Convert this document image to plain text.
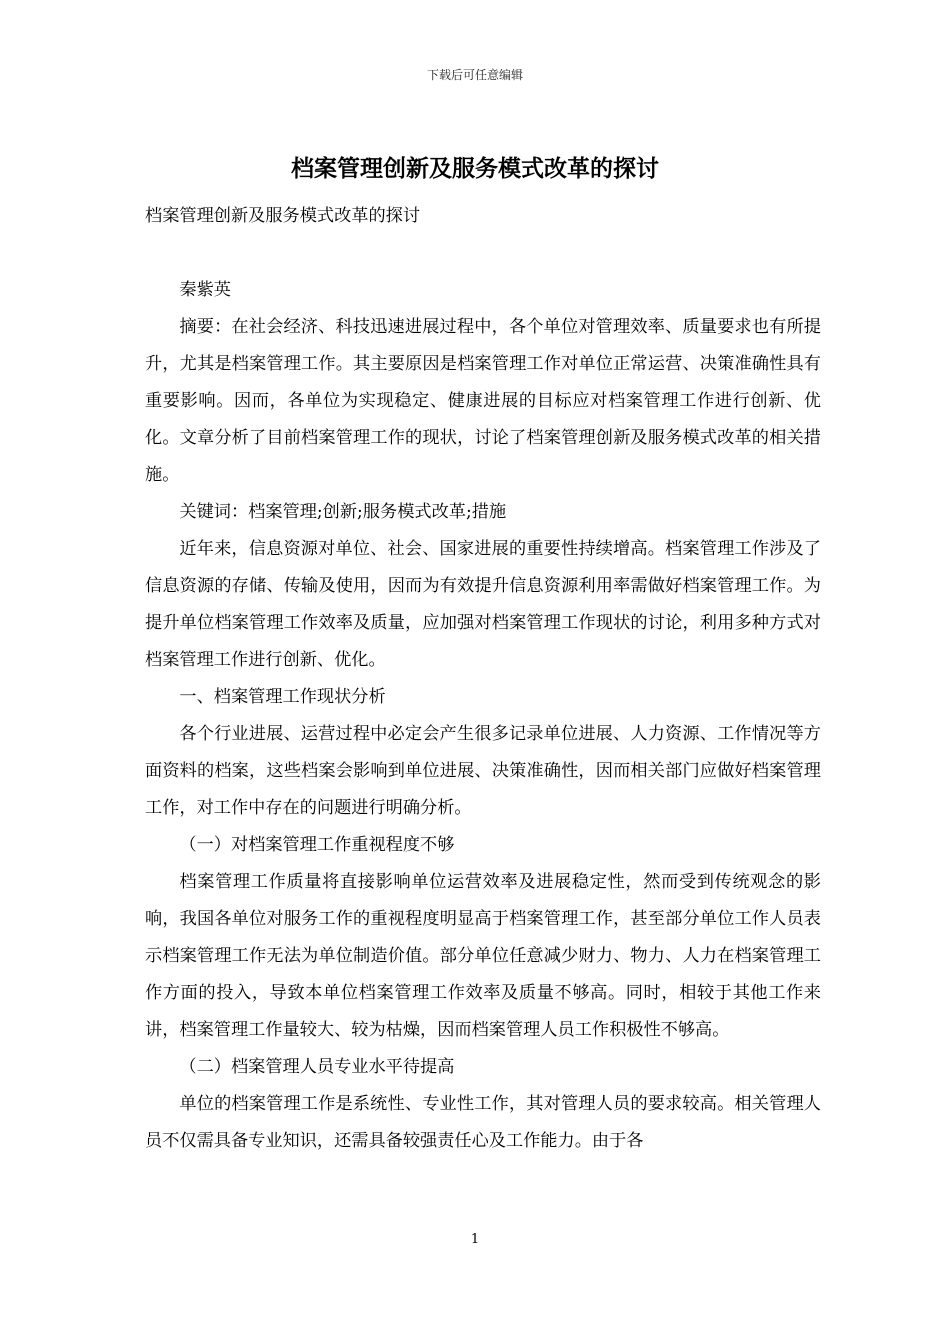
下载后可任意编辑
档案管理创新及服务模式改革的探讨

档案管理创新及服务模式改革的探讨

秦紫英

摘要：在社会经济、科技迅速进展过程中，各个单位对管理效率、质量要求也有所提升，尤其是档案管理工作。其主要原因是档案管理工作对单位正常运营、决策准确性具有重要影响。因而，各单位为实现稳定、健康进展的目标应对档案管理工作进行创新、优化。文章分析了目前档案管理工作的现状，讨论了档案管理创新及服务模式改革的相关措施。

关键词：档案管理;创新;服务模式改革;措施

近年来，信息资源对单位、社会、国家进展的重要性持续增高。档案管理工作涉及了信息资源的存储、传输及使用，因而为有效提升信息资源利用率需做好档案管理工作。为提升单位档案管理工作效率及质量，应加强对档案管理工作现状的讨论，利用多种方式对档案管理工作进行创新、优化。

一、档案管理工作现状分析

各个行业进展、运营过程中必定会产生很多记录单位进展、人力资源、工作情况等方面资料的档案，这些档案会影响到单位进展、决策准确性，因而相关部门应做好档案管理工作，对工作中存在的问题进行明确分析。

（一）对档案管理工作重视程度不够

档案管理工作质量将直接影响单位运营效率及进展稳定性，然而受到传统观念的影响，我国各单位对服务工作的重视程度明显高于档案管理工作，甚至部分单位工作人员表示档案管理工作无法为单位制造价值。部分单位任意减少财力、物力、人力在档案管理工作方面的投入，导致本单位档案管理工作效率及质量不够高。同时，相较于其他工作来讲，档案管理工作量较大、较为枯燥，因而档案管理人员工作积极性不够高。

（二）档案管理人员专业水平待提高

单位的档案管理工作是系统性、专业性工作，其对管理人员的要求较高。相关管理人员不仅需具备专业知识，还需具备较强责任心及工作能力。由于各

1
